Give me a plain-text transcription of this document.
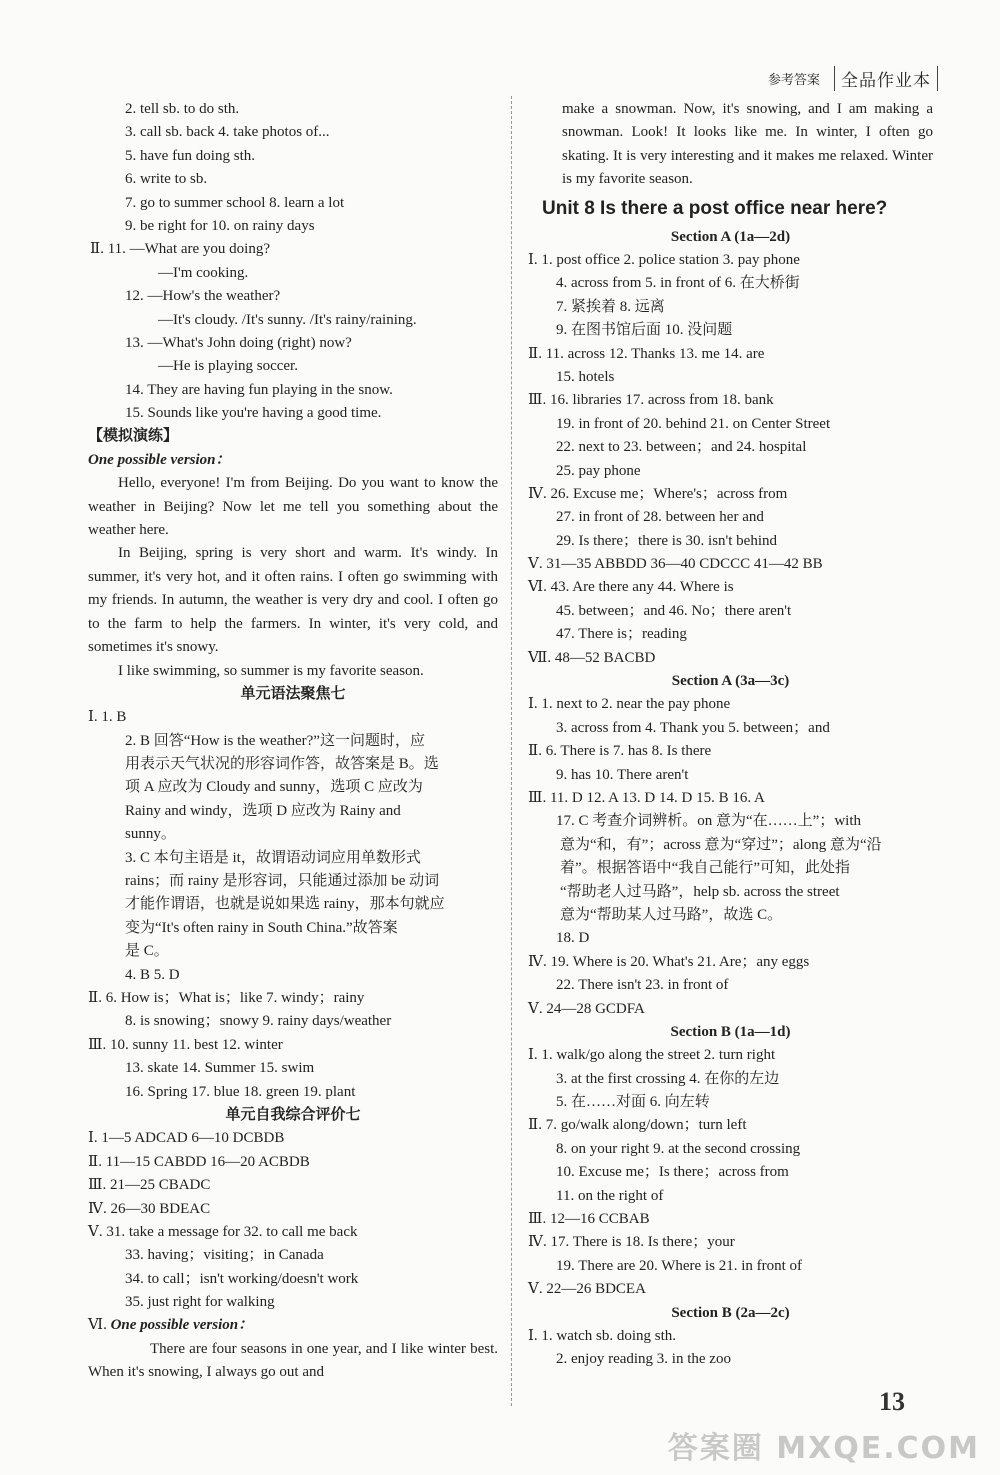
参考答案	全品作业本
2. tell sb. to do sth.
3. call sb. back 4. take photos of...
5. have fun doing sth.
6. write to sb.
7. go to summer school 8. learn a lot
9. be right for 10. on rainy days
Ⅱ. 11. —What are you doing?
—I'm cooking.
12. —How's the weather?
—It's cloudy. /It's sunny. /It's rainy/raining.
13. —What's John doing (right) now?
—He is playing soccer.
14. They are having fun playing in the snow.
15. Sounds like you're having a good time.
【模拟演练】
One possible version：
Hello, everyone! I'm from Beijing. Do you want to know the weather in Beijing? Now let me tell you something about the weather here.
In Beijing, spring is very short and warm. It's windy. In summer, it's very hot, and it often rains. I often go swimming with my friends. In autumn, the weather is very dry and cool. I often go to the farm to help the farmers. In winter, it's very cold, and sometimes it's snowy.
I like swimming, so summer is my favorite season.
单元语法聚焦七
Ⅰ. 1. B
2. B 回答“How is the weather?”这一问题时，应
用表示天气状况的形容词作答，故答案是 B。选
项 A 应改为 Cloudy and sunny，选项 C 应改为
Rainy and windy，选项 D 应改为 Rainy and
sunny。
3. C 本句主语是 it，故谓语动词应用单数形式
rains；而 rainy 是形容词，只能通过添加 be 动词
才能作谓语，也就是说如果选 rainy，那本句就应
变为“It's often rainy in South China.”故答案
是 C。
4. B 5. D
Ⅱ. 6. How is；What is；like 7. windy；rainy
8. is snowing；snowy 9. rainy days/weather
Ⅲ. 10. sunny 11. best 12. winter
13. skate 14. Summer 15. swim
16. Spring 17. blue 18. green 19. plant
单元自我综合评价七
Ⅰ. 1—5 ADCAD 6—10 DCBDB
Ⅱ. 11—15 CABDD 16—20 ACBDB
Ⅲ. 21—25 CBADC
Ⅳ. 26—30 BDEAC
Ⅴ. 31. take a message for 32. to call me back
33. having；visiting；in Canada
34. to call；isn't working/doesn't work
35. just right for walking
Ⅵ. One possible version：
There are four seasons in one year, and I like winter best. When it's snowing, I always go out and
make a snowman. Now, it's snowing, and I am making a snowman. Look! It looks like me. In winter, I often go skating. It is very interesting and it makes me relaxed. Winter is my favorite season.
Unit 8 Is there a post office near here?
Section A (1a—2d)
Ⅰ. 1. post office 2. police station 3. pay phone
4. across from 5. in front of 6. 在大桥街
7. 紧挨着 8. 远离
9. 在图书馆后面 10. 没问题
Ⅱ. 11. across 12. Thanks 13. me 14. are
15. hotels
Ⅲ. 16. libraries 17. across from 18. bank
19. in front of 20. behind 21. on Center Street
22. next to 23. between；and 24. hospital
25. pay phone
Ⅳ. 26. Excuse me；Where's；across from
27. in front of 28. between her and
29. Is there；there is 30. isn't behind
Ⅴ. 31—35 ABBDD 36—40 CDCCC 41—42 BB
Ⅵ. 43. Are there any 44. Where is
45. between；and 46. No；there aren't
47. There is；reading
Ⅶ. 48—52 BACBD
Section A (3a—3c)
Ⅰ. 1. next to 2. near the pay phone
3. across from 4. Thank you 5. between；and
Ⅱ. 6. There is 7. has 8. Is there
9. has 10. There aren't
Ⅲ. 11. D 12. A 13. D 14. D 15. B 16. A
17. C 考查介词辨析。on 意为“在……上”；with
意为“和，有”；across 意为“穿过”；along 意为“沿
着”。根据答语中“我自己能行”可知，此处指
“帮助老人过马路”，help sb. across the street
意为“帮助某人过马路”，故选 C。
18. D
Ⅳ. 19. Where is 20. What's 21. Are；any eggs
22. There isn't 23. in front of
Ⅴ. 24—28 GCDFA
Section B (1a—1d)
Ⅰ. 1. walk/go along the street 2. turn right
3. at the first crossing 4. 在你的左边
5. 在……对面 6. 向左转
Ⅱ. 7. go/walk along/down；turn left
8. on your right 9. at the second crossing
10. Excuse me；Is there；across from
11. on the right of
Ⅲ. 12—16 CCBAB
Ⅳ. 17. There is 18. Is there；your
19. There are 20. Where is 21. in front of
Ⅴ. 22—26 BDCEA
Section B (2a—2c)
Ⅰ. 1. watch sb. doing sth.
2. enjoy reading 3. in the zoo
13
答案圈 MXQE.COM
